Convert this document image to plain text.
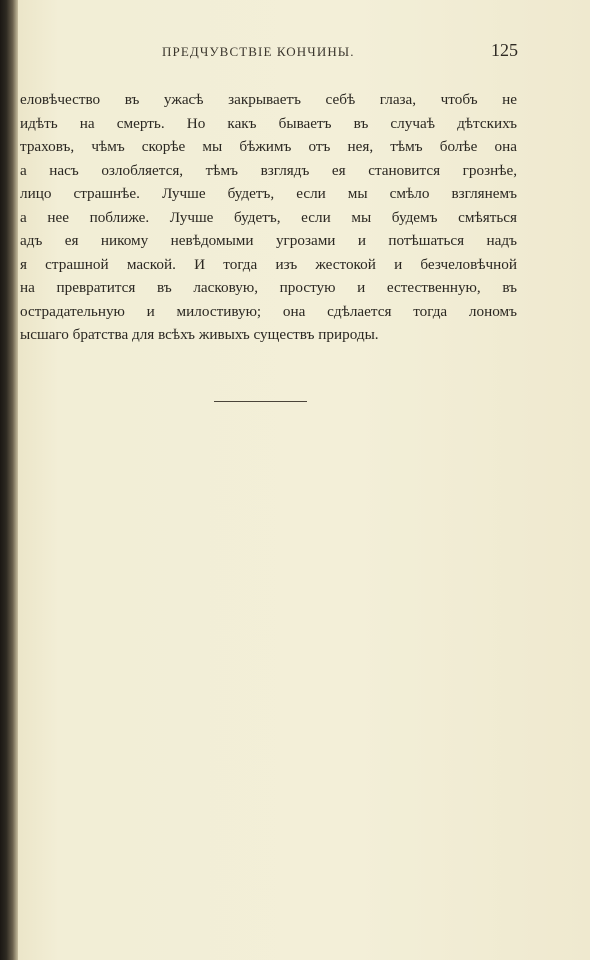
ПРЕДЧУВСТВІЕ КОНЧИНЫ.	125
еловѣчество въ ужасѣ закрываетъ себѣ глаза, чтобъ не
идѣть на смерть. Но какъ бываетъ въ случаѣ дѣтскихъ
траховъ, чѣмъ скорѣе мы бѣжимъ отъ нея, тѣмъ болѣе она
а насъ озлобляется, тѣмъ взглядъ ея становится грознѣе,
лицо страшнѣе. Лучше будетъ, если мы смѣло взглянемъ
а нее поближе. Лучше будетъ, если мы будемъ смѣяться
адъ ея никому невѣдомыми угрозами и потѣшаться надъ
я страшной маской. И тогда изъ жестокой и безчеловѣчной
на превратится въ ласковую, простую и естественную, въ
острадательную и милостивую; она сдѣлается тогда лономъ
ысшаго братства для всѣхъ живыхъ существъ природы.
